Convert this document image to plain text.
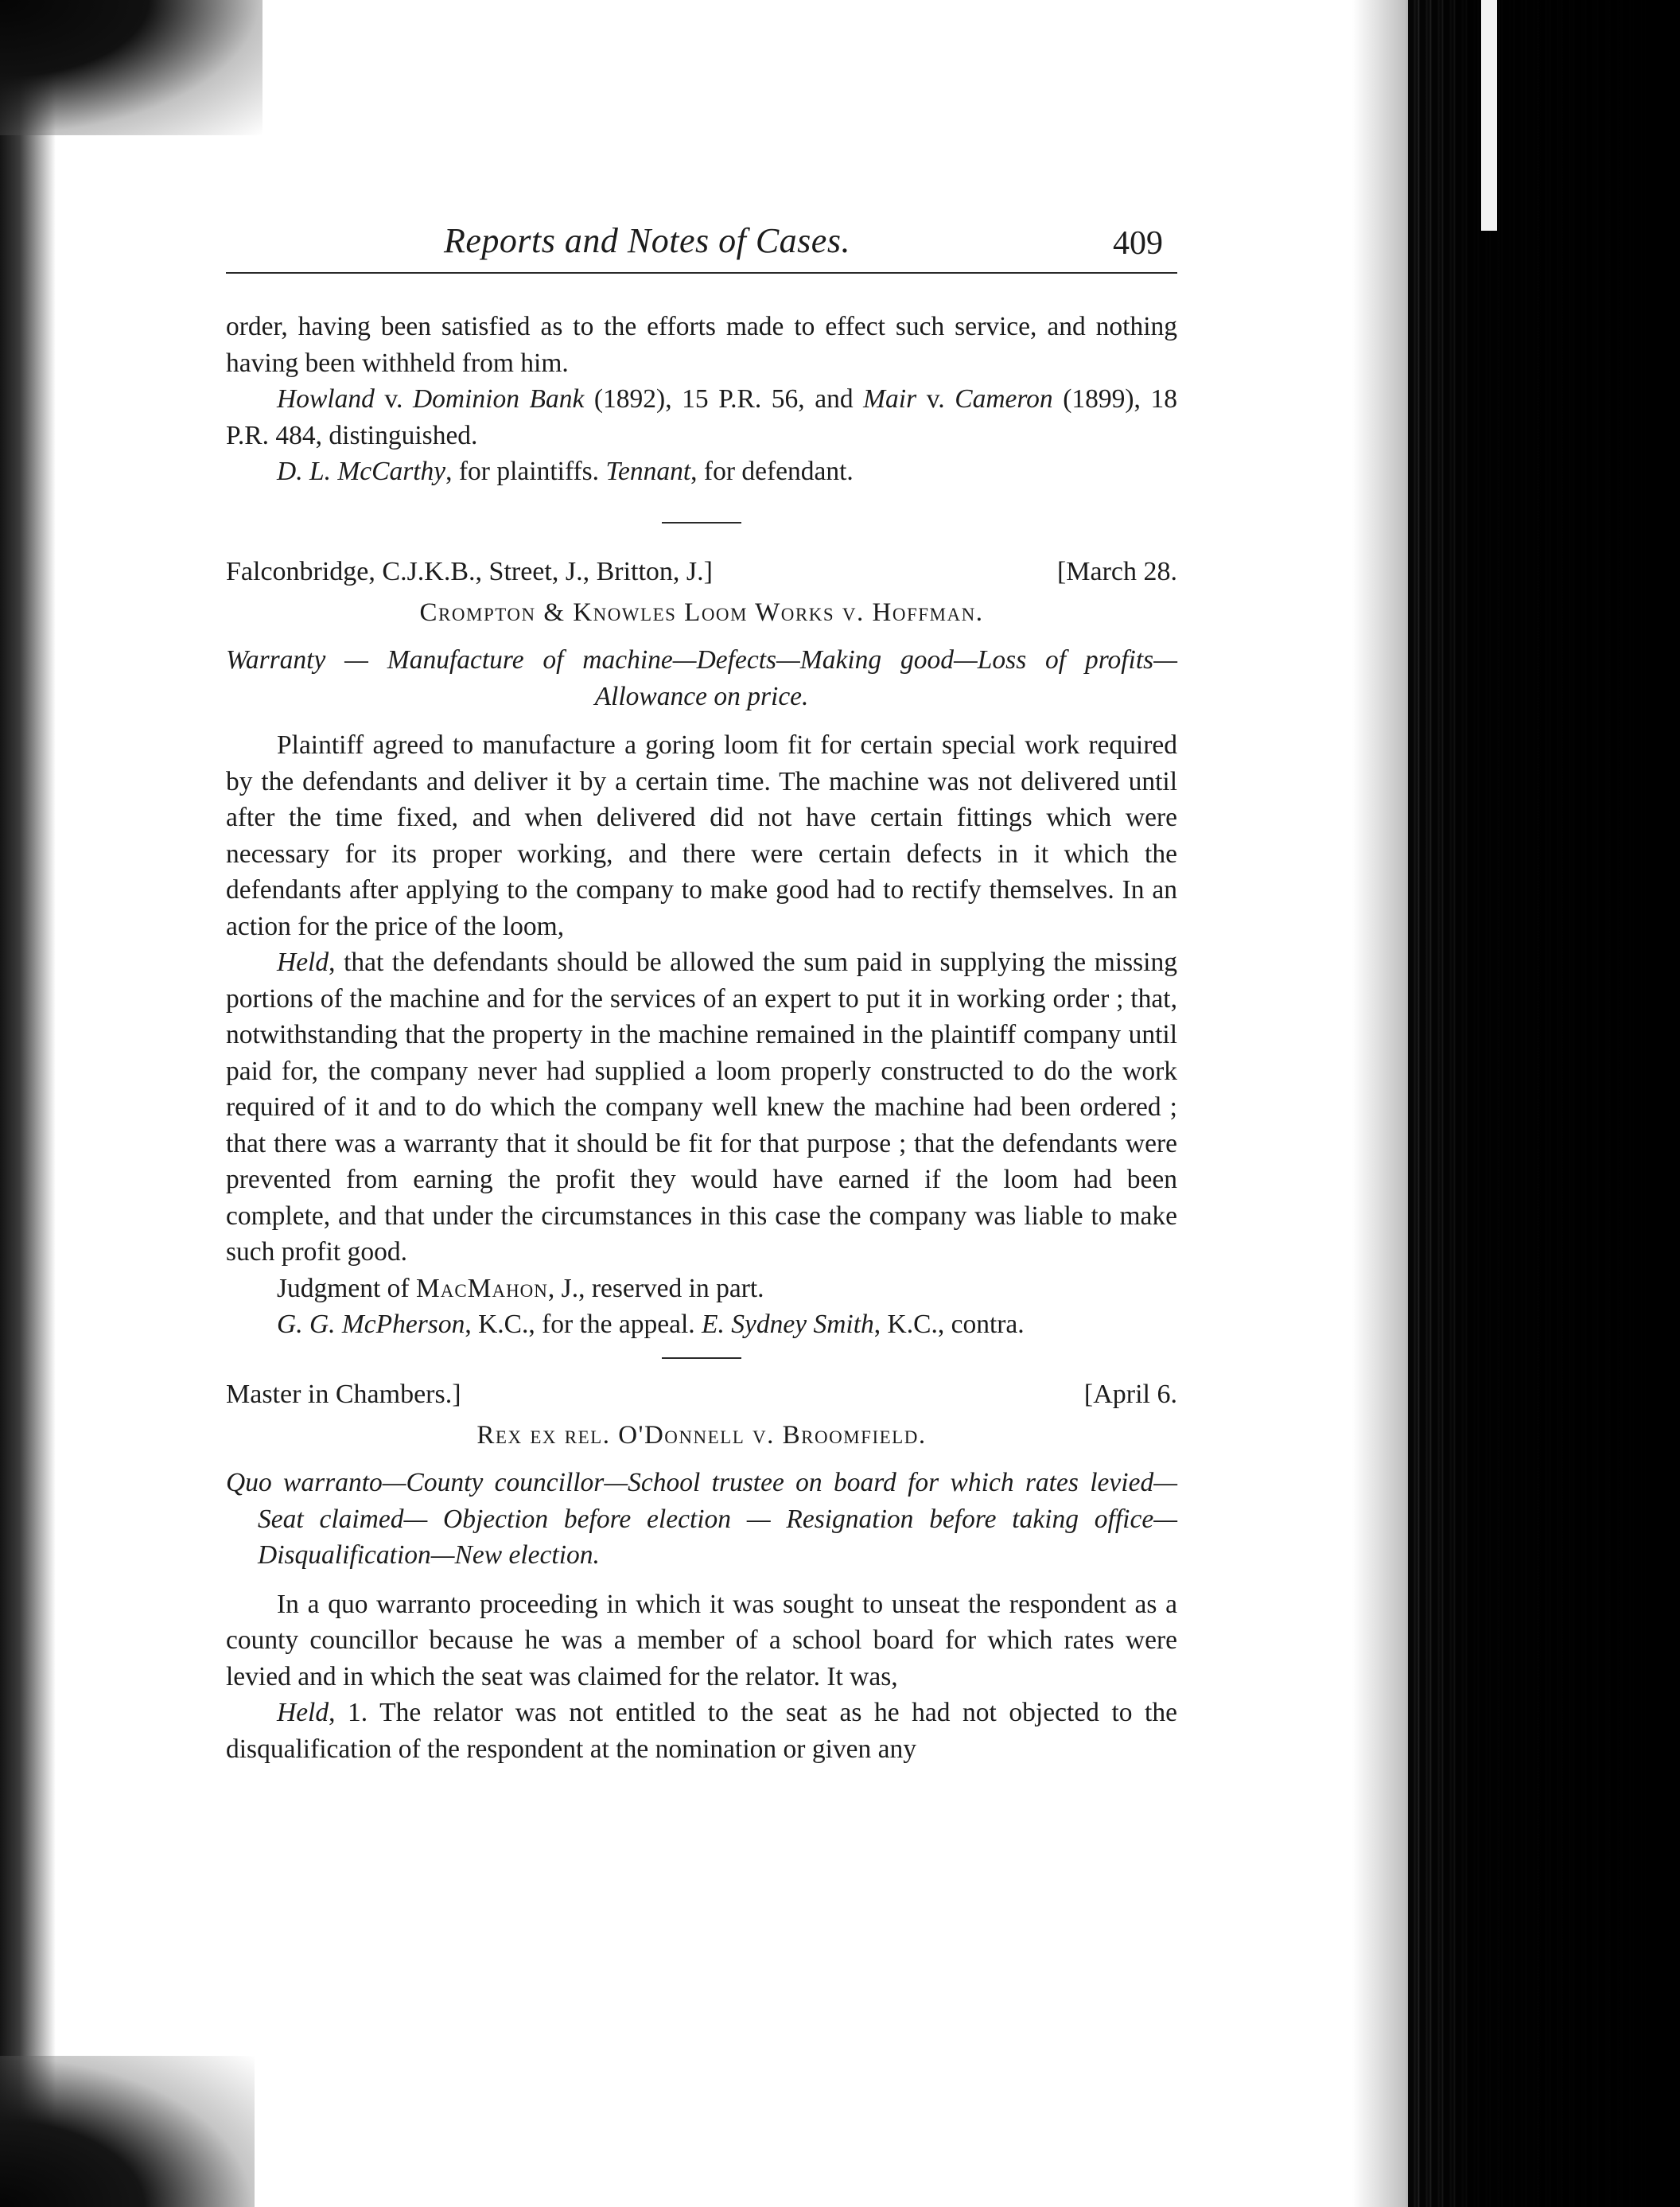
Reports and Notes of Cases.	409

order, having been satisfied as to the efforts made to effect such service, and nothing having been withheld from him.

Howland v. Dominion Bank (1892), 15 P.R. 56, and Mair v. Cameron (1899), 18 P.R. 484, distinguished.

D. L. McCarthy, for plaintiffs. Tennant, for defendant.

Falconbridge, C.J.K.B., Street, J., Britton, J.]	[March 28.
Crompton & Knowles Loom Works v. Hoffman.

Warranty — Manufacture of machine—Defects—Making good—Loss of profits—Allowance on price.

Plaintiff agreed to manufacture a goring loom fit for certain special work required by the defendants and deliver it by a certain time. The machine was not delivered until after the time fixed, and when delivered did not have certain fittings which were necessary for its proper working, and there were certain defects in it which the defendants after applying to the company to make good had to rectify themselves. In an action for the price of the loom,

Held, that the defendants should be allowed the sum paid in supplying the missing portions of the machine and for the services of an expert to put it in working order ; that, notwithstanding that the property in the machine remained in the plaintiff company until paid for, the company never had supplied a loom properly constructed to do the work required of it and to do which the company well knew the machine had been ordered ; that there was a warranty that it should be fit for that purpose ; that the defendants were prevented from earning the profit they would have earned if the loom had been complete, and that under the circumstances in this case the company was liable to make such profit good.

Judgment of MacMahon, J., reserved in part.

G. G. McPherson, K.C., for the appeal. E. Sydney Smith, K.C., contra.

Master in Chambers.]	[April 6.
Rex ex rel. O'Donnell v. Broomfield.

Quo warranto—County councillor—School trustee on board for which rates levied—Seat claimed— Objection before election — Resignation before taking office—Disqualification—New election.

In a quo warranto proceeding in which it was sought to unseat the respondent as a county councillor because he was a member of a school board for which rates were levied and in which the seat was claimed for the relator. It was,

Held, 1. The relator was not entitled to the seat as he had not objected to the disqualification of the respondent at the nomination or given any
